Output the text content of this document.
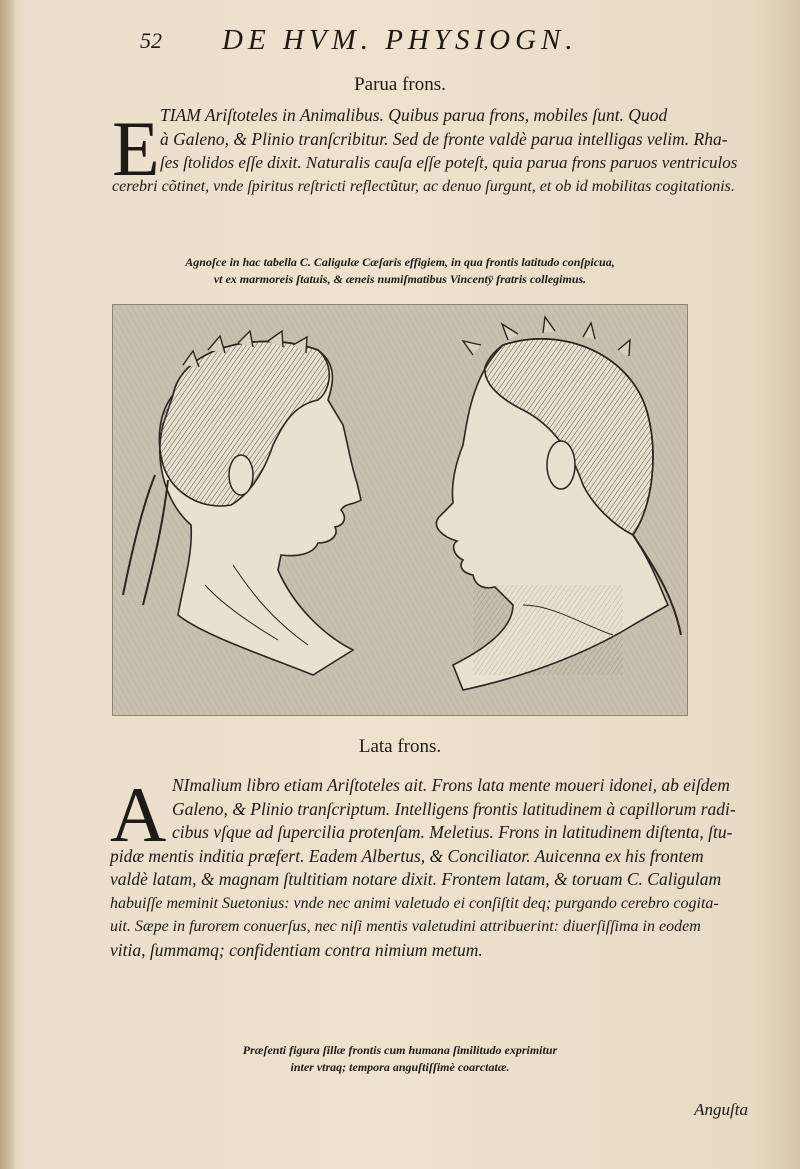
52 DE HVM. PHYSIOGN.
Parua frons.
E TIAM Ariſtoteles in Animalibus. Quibus parua frons, mobiles ſunt. Quod
à Galeno, & Plinio tranſcribitur. Sed de fronte valdè parua intelligas velim. Rha-
ſes ſtolidos eſſe dixit. Naturalis cauſa eſſe poteſt, quia parua frons paruos ventriculos
cerebri cõtinet, vnde ſpiritus reſtricti reflectũtur, ac denuo ſurgunt, et ob id mobilitas cogitationis.
Agnoſce in hac tabella C. Caligulæ Cæſaris effigiem, in qua frontis latitudo conſpicua,
vt ex marmoreis ſtatuis, & æneis numiſmatibus Vincentÿ fratris collegimus.
Lata frons.
A NImalium libro etiam Ariſtoteles ait. Frons lata mente moueri idonei, ab eiſdem
Galeno, & Plinio tranſcriptum. Intelligens frontis latitudinem à capillorum radi-
cibus vſque ad ſupercilia protenſam. Meletius. Frons in latitudinem diſtenta, ſtu-
pidæ mentis inditia præfert. Eadem Albertus, & Conciliator. Auicenna ex his frontem
valdè latam, & magnam ſtultitiam notare dixit. Frontem latam, & toruam C. Caligulam
habuiſſe meminit Suetonius: vnde nec animi valetudo ei conſiſtit deq; purgando cerebro cogita-
uit. Sæpe in furorem conuerſus, nec niſi mentis valetudini attribuerint: diuerſiſſima in eodem
vitia, ſummamq; confidentiam contra nimium metum.
Præſenti figura ſillæ frontis cum humana ſimilitudo exprimitur
inter vtraq; tempora anguſtiſſimè coarctatæ.
Anguſta
